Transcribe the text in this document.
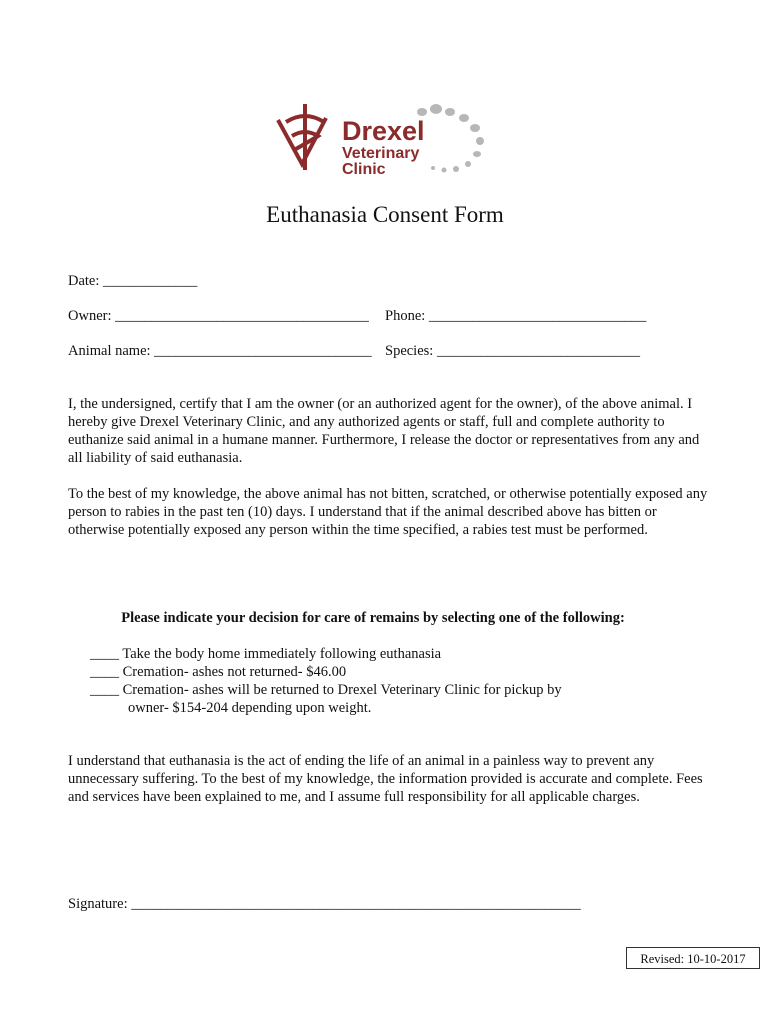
Drexel
Veterinary
Clinic
Euthanasia Consent Form
Date: _____________
Owner: ___________________________________ Phone: ______________________________
Animal name: ______________________________ Species: ____________________________
I, the undersigned, certify that I am the owner (or an authorized agent for the owner), of the above animal. I hereby give Drexel Veterinary Clinic, and any authorized agents or staff, full and complete authority to euthanize said animal in a humane manner. Furthermore, I release the doctor or representatives from any and all liability of said euthanasia.
To the best of my knowledge, the above animal has not bitten, scratched, or otherwise potentially exposed any person to rabies in the past ten (10) days. I understand that if the animal described above has bitten or otherwise potentially exposed any person within the time specified, a rabies test must be performed.
Please indicate your decision for care of remains by selecting one of the following:
____ Take the body home immediately following euthanasia
____ Cremation- ashes not returned- $46.00
____ Cremation- ashes will be returned to Drexel Veterinary Clinic for pickup by
owner- $154-204 depending upon weight.
I understand that euthanasia is the act of ending the life of an animal in a painless way to prevent any unnecessary suffering. To the best of my knowledge, the information provided is accurate and complete. Fees and services have been explained to me, and I assume full responsibility for all applicable charges.
Signature: ______________________________________________________________
Revised: 10-10-2017
